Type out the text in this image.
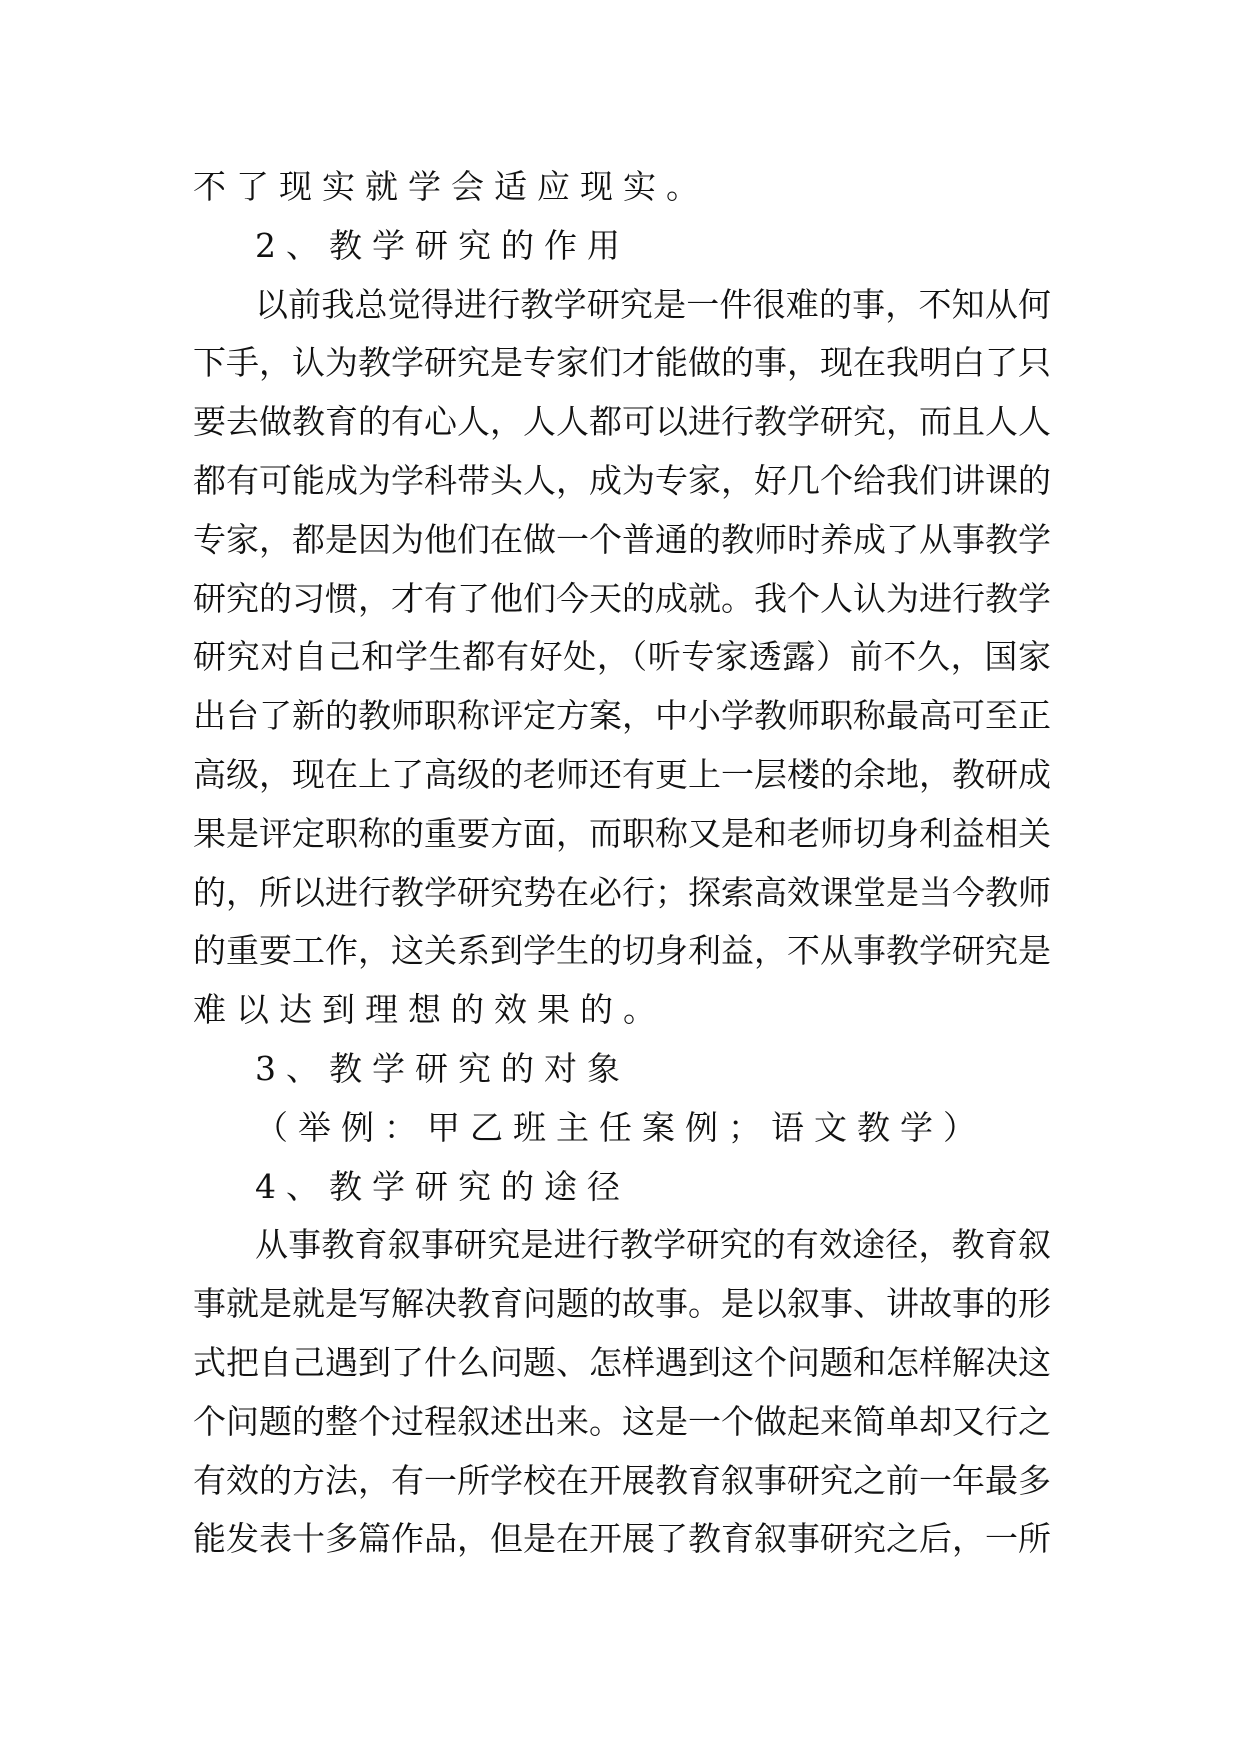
不了现实就学会适应现实。
2、教学研究的作用
以前我总觉得进行教学研究是一件很难的事，不知从何
下手，认为教学研究是专家们才能做的事，现在我明白了只
要去做教育的有心人，人人都可以进行教学研究，而且人人
都有可能成为学科带头人，成为专家，好几个给我们讲课的
专家，都是因为他们在做一个普通的教师时养成了从事教学
研究的习惯，才有了他们今天的成就。我个人认为进行教学
研究对自己和学生都有好处，（听专家透露）前不久，国家
出台了新的教师职称评定方案，中小学教师职称最高可至正
高级，现在上了高级的老师还有更上一层楼的余地，教研成
果是评定职称的重要方面，而职称又是和老师切身利益相关
的，所以进行教学研究势在必行；探索高效课堂是当今教师
的重要工作，这关系到学生的切身利益，不从事教学研究是
难以达到理想的效果的。
3、教学研究的对象
（举例：甲乙班主任案例；语文教学）
4、教学研究的途径
从事教育叙事研究是进行教学研究的有效途径，教育叙
事就是就是写解决教育问题的故事。是以叙事、讲故事的形
式把自己遇到了什么问题、怎样遇到这个问题和怎样解决这
个问题的整个过程叙述出来。这是一个做起来简单却又行之
有效的方法，有一所学校在开展教育叙事研究之前一年最多
能发表十多篇作品，但是在开展了教育叙事研究之后，一所
